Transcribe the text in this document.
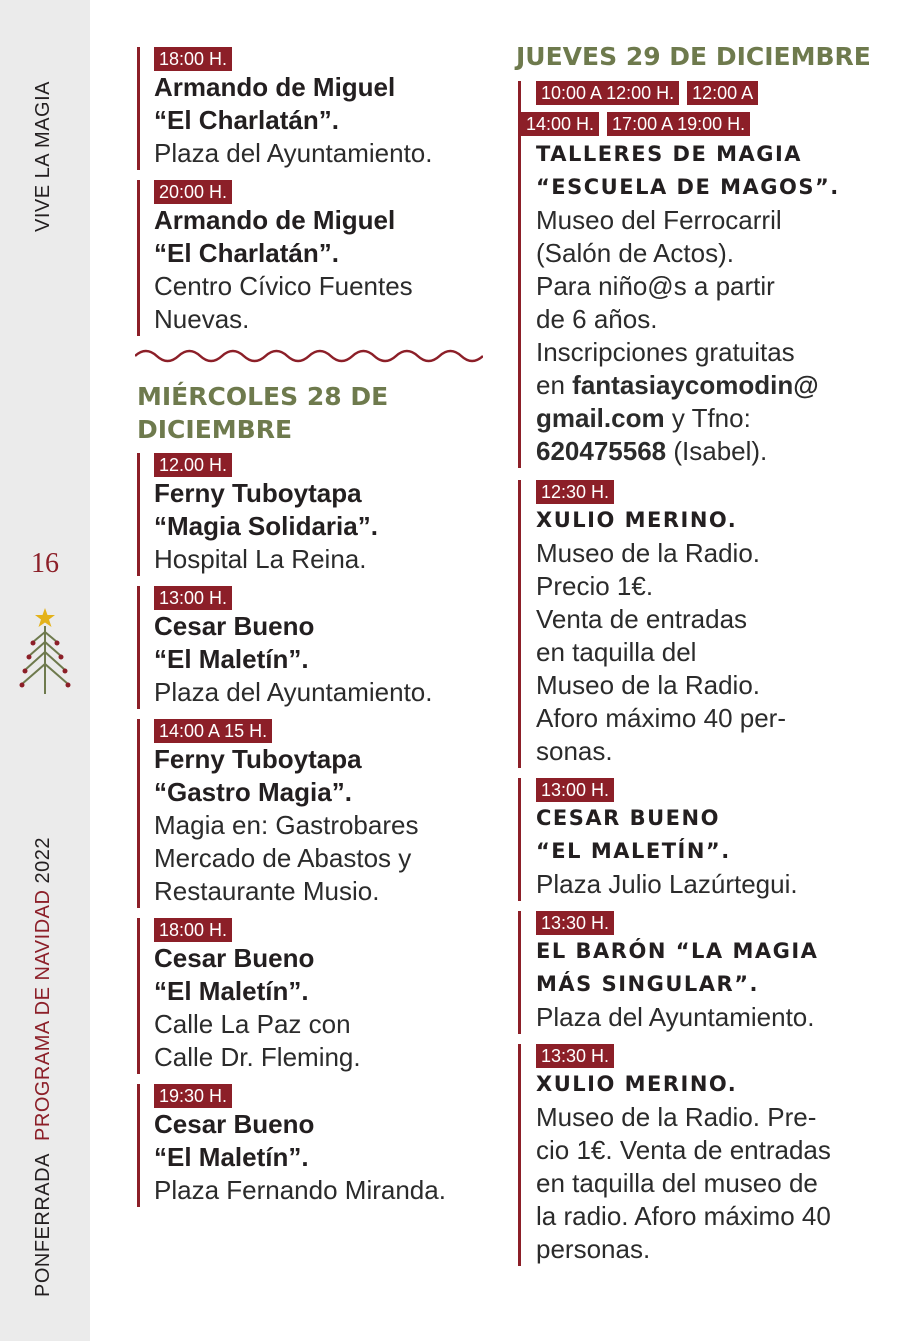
VIVE LA MAGIA
16
PONFERRADA  PROGRAMA DE NAVIDAD 2022
18:00 H.
Armando de Miguel
“El Charlatán”.
Plaza del Ayuntamiento.
20:00 H.
Armando de Miguel
“El Charlatán”.
Centro Cívico Fuentes
Nuevas.
MIÉRCOLES 28 DE
DICIEMBRE
12.00 H.
Ferny Tuboytapa
“Magia Solidaria”.
Hospital La Reina.
13:00 H.
Cesar Bueno
“El Maletín”.
Plaza del Ayuntamiento.
14:00 A 15 H.
Ferny Tuboytapa
“Gastro Magia”.
Magia en: Gastrobares
Mercado de Abastos y
Restaurante Musio.
18:00 H.
Cesar Bueno
“El Maletín”.
Calle La Paz con
Calle Dr. Fleming.
19:30 H.
Cesar Bueno
“El Maletín”.
Plaza Fernando Miranda.
JUEVES 29 DE DICIEMBRE
10:00 A 12:00 H. 12:00 A
14:00 H. 17:00 A 19:00 H.
TALLERES DE MAGIA
“ESCUELA DE MAGOS”.
Museo del Ferrocarril
(Salón de Actos).
Para niño@s a partir
de 6 años.
Inscripciones gratuitas
en fantasiaycomodin@
gmail.com y Tfno:
620475568 (Isabel).
12:30 H.
XULIO MERINO.
Museo de la Radio.
Precio 1€.
Venta de entradas
en taquilla del
Museo de la Radio.
Aforo máximo 40 per-
sonas.
13:00 H.
CESAR BUENO
“EL MALETÍN”.
Plaza Julio Lazúrtegui.
13:30 H.
EL BARÓN “LA MAGIA
MÁS SINGULAR”.
Plaza del Ayuntamiento.
13:30 H.
XULIO MERINO.
Museo de la Radio. Pre-
cio 1€. Venta de entradas
en taquilla del museo de
la radio. Aforo máximo 40
personas.
